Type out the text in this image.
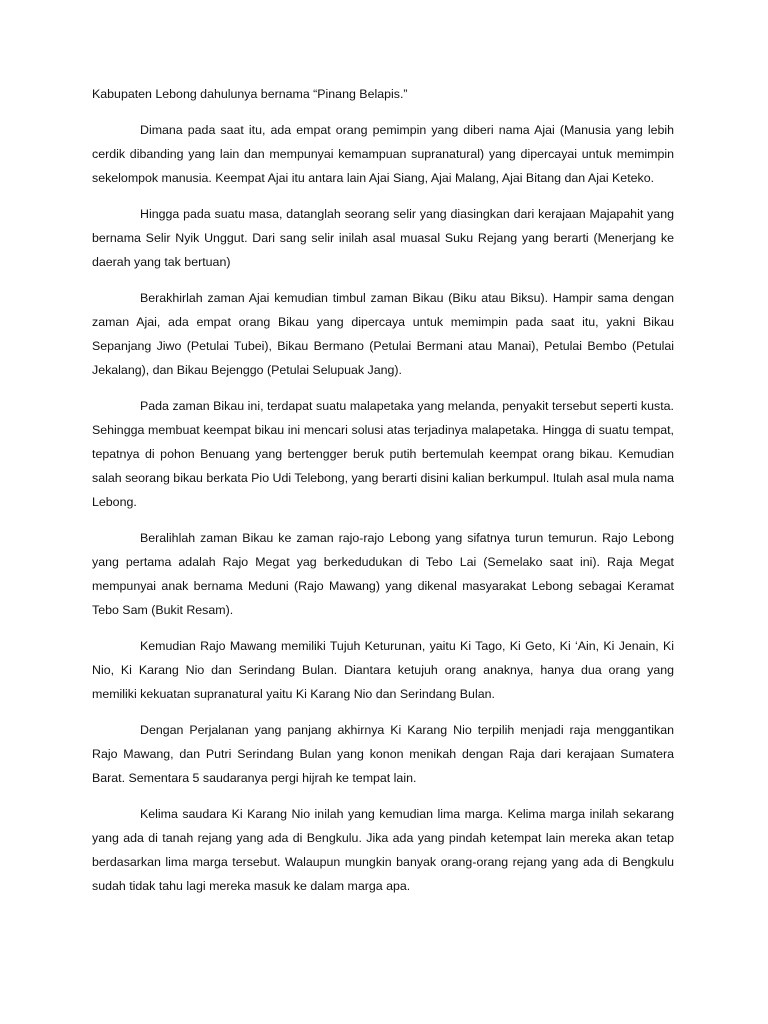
Kabupaten Lebong dahulunya bernama “Pinang Belapis.”

Dimana pada saat itu, ada empat orang pemimpin yang diberi nama Ajai (Manusia yang lebih cerdik dibanding yang lain dan mempunyai kemampuan supranatural) yang dipercayai untuk memimpin sekelompok manusia. Keempat Ajai itu antara lain Ajai Siang, Ajai Malang, Ajai Bitang dan Ajai Keteko.

Hingga pada suatu masa, datanglah seorang selir yang diasingkan dari kerajaan Majapahit yang bernama Selir Nyik Unggut. Dari sang selir inilah asal muasal Suku Rejang yang berarti (Menerjang ke daerah yang tak bertuan)

Berakhirlah zaman Ajai kemudian timbul zaman Bikau (Biku atau Biksu). Hampir sama dengan zaman Ajai, ada empat orang Bikau yang dipercaya untuk memimpin pada saat itu, yakni Bikau Sepanjang Jiwo (Petulai Tubei), Bikau Bermano (Petulai Bermani atau Manai), Petulai Bembo (Petulai Jekalang), dan Bikau Bejenggo (Petulai Selupuak Jang).

Pada zaman Bikau ini, terdapat suatu malapetaka yang melanda, penyakit tersebut seperti kusta. Sehingga membuat keempat bikau ini mencari solusi atas terjadinya malapetaka. Hingga di suatu tempat, tepatnya di pohon Benuang yang bertengger beruk putih bertemulah keempat orang bikau. Kemudian salah seorang bikau berkata Pio Udi Telebong, yang berarti disini kalian berkumpul. Itulah asal mula nama Lebong.

Beralihlah zaman Bikau ke zaman rajo-rajo Lebong yang sifatnya turun temurun. Rajo Lebong yang pertama adalah Rajo Megat yag berkedudukan di Tebo Lai (Semelako saat ini). Raja Megat mempunyai anak bernama Meduni (Rajo Mawang) yang dikenal masyarakat Lebong sebagai Keramat Tebo Sam (Bukit Resam).

Kemudian Rajo Mawang memiliki Tujuh Keturunan, yaitu Ki Tago, Ki Geto, Ki ‘Ain, Ki Jenain, Ki Nio, Ki Karang Nio dan Serindang Bulan. Diantara ketujuh orang anaknya, hanya dua orang yang memiliki kekuatan supranatural yaitu Ki Karang Nio dan Serindang Bulan.

Dengan Perjalanan yang panjang akhirnya Ki Karang Nio terpilih menjadi raja menggantikan Rajo Mawang, dan Putri Serindang Bulan yang konon menikah dengan Raja dari kerajaan Sumatera Barat. Sementara 5 saudaranya pergi hijrah ke tempat lain.

Kelima saudara Ki Karang Nio inilah yang kemudian lima marga. Kelima marga inilah sekarang yang ada di tanah rejang yang ada di Bengkulu. Jika ada yang pindah ketempat lain mereka akan tetap berdasarkan lima marga tersebut. Walaupun mungkin banyak orang-orang rejang yang ada di Bengkulu sudah tidak tahu lagi mereka masuk ke dalam marga apa.
